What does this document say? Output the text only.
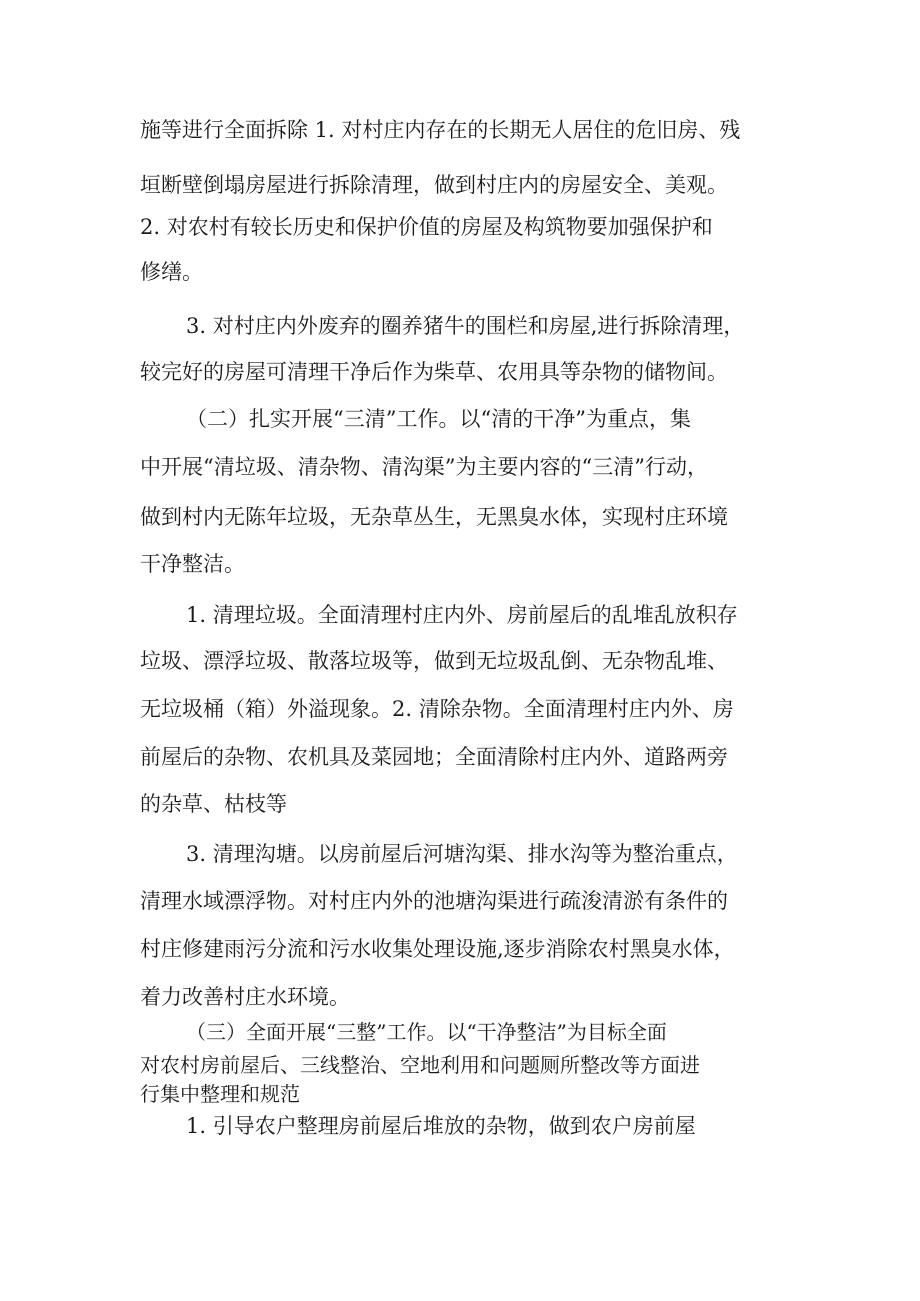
施等进行全面拆除 1. 对村庄内存在的长期无人居住的危旧房、残

垣断壁倒塌房屋进行拆除清理，做到村庄内的房屋安全、美观。

2. 对农村有较长历史和保护价值的房屋及构筑物要加强保护和

修缮。

3. 对村庄内外废弃的圈养猪牛的围栏和房屋,进行拆除清理，

较完好的房屋可清理干净后作为柴草、农用具等杂物的储物间。

（二）扎实开展“三清”工作。以“清的干净”为重点，集

中开展“清垃圾、清杂物、清沟渠”为主要内容的“三清”行动，

做到村内无陈年垃圾，无杂草丛生，无黑臭水体，实现村庄环境

干净整洁。

1. 清理垃圾。全面清理村庄内外、房前屋后的乱堆乱放积存

垃圾、漂浮垃圾、散落垃圾等，做到无垃圾乱倒、无杂物乱堆、

无垃圾桶（箱）外溢现象。2. 清除杂物。全面清理村庄内外、房

前屋后的杂物、农机具及菜园地；全面清除村庄内外、道路两旁

的杂草、枯枝等

3. 清理沟塘。以房前屋后河塘沟渠、排水沟等为整治重点，

清理水域漂浮物。对村庄内外的池塘沟渠进行疏浚清淤有条件的

村庄修建雨污分流和污水收集处理设施,逐步消除农村黑臭水体，

着力改善村庄水环境。

（三）全面开展“三整”工作。以“干净整洁”为目标全面

对农村房前屋后、三线整治、空地利用和问题厕所整改等方面进

行集中整理和规范

1. 引导农户整理房前屋后堆放的杂物，做到农户房前屋
